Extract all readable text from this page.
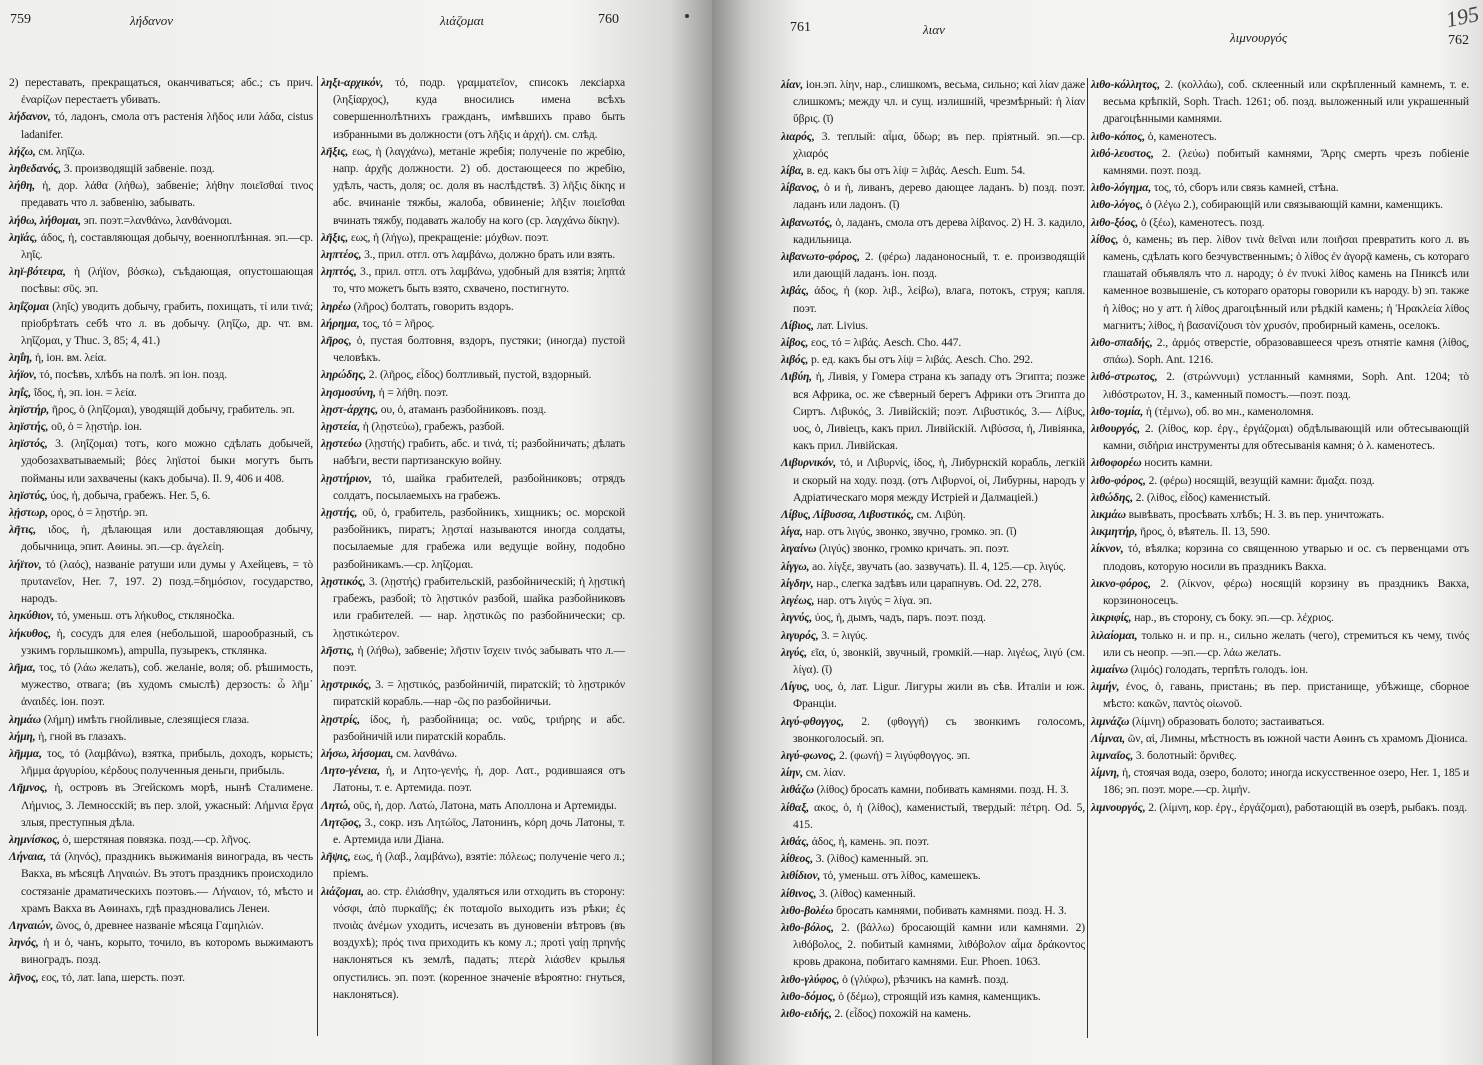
759	λήδανον	λιάζομαι	760
761	λιαν
λιμνουργός	762
195

2) переставать, прекращаться, оканчиваться; абс.; съ прич. ἐναρίζων перестаетъ убивать.

λήδανον, τό, ладонъ, смола отъ растенія λῆδος или λάδα, cistus ladanifer.

λήζω, см. ληΐζω.

ληθεδανός, 3. производящій забвеніе. позд.

λήθη, ἡ, дор. λάθα (λήθω), забвеніе; λήθην ποιεῖσθαί τινος предавать что л. забвенію, забывать.

λήθω, λήθομαι, эп. поэт.=λανθάνω, λανθάνομαι.

ληϊάς, άδος, ἡ, составляющая добычу, военноплѣнная. эп.—ср. ληΐς.

ληϊ-βότειρα, ἡ (λήϊον, βόσκω), съѣдающая, опустошающая посѣвы: σῦς. эп.

ληΐζομαι (ληΐς) уводить добычу, грабить, похищать, τί или τινά; пріобрѣтать себѣ что л. въ добычу. (ληΐζω, др. чт. вм. ληΐζομαι, у Thuc. 3, 85; 4, 41.)

ληΐη, ἡ, іон. вм. λεία.

λήϊον, τό, посѣвъ, хлѣбъ на полѣ. эп іон. позд.

ληΐς, ΐδος, ἡ, эп. іон. = λεία.

ληϊστήρ, ῆρος, ὁ (ληΐζομαι), уводящій добычу, грабитель. эп.

ληϊστής, οῦ, ὁ = λῃστήρ. іон.

ληϊστός, 3. (ληΐζομαι) тотъ, кого можно сдѣлать добычей, удобозахватываемый; βόες ληϊστοί быки могутъ быть пойманы или захвачены (какъ добыча). Il. 9, 406 и 408.

ληϊστύς, ύος, ἡ, добыча, грабежъ. Her. 5, 6.

λῄστωρ, ορος, ὁ = λῃστήρ. эп.

λῆτις, ιδος, ἡ, дѣлающая или доставляющая добычу, добычница, эпит. Аѳины. эп.—ср. ἀγελείη.

λήϊτον, τό (λαός), названіе ратуши или думы у Ахейцевъ, = τὸ πρυτανεῖον, Her. 7, 197. 2) позд.=δημόσιον, государство, народъ.

ληκύθιον, τό, уменьш. отъ λήκυθος, стклянočka.

λήκυθος, ἡ, сосудъ для елея (небольшой, шарообразный, съ узкимъ горлышкомъ), ampulla, пузырекъ, стклянка.

λῆμα, τος, τό (λάω желать), соб. желаніе, воля; об. рѣшимость, мужество, отвага; (въ худомъ смыслѣ) дерзость: ὦ λῆμ᾽ ἀναιδές. іон. поэт.

λημάω (λήμη) имѣть гнойливые, слезящіеся глаза.

λήμη, ἡ, гной въ глазахъ.

λῆμμα, τος, τό (λαμβάνω), взятка, прибыль, доходъ, корысть; λῆμμα ἀργυρίου, κέρδους полученныя деньги, прибыль.

Λῆμνος, ἡ, островъ въ Эгейскомъ морѣ, нынѣ Сталимене. Λήμνιος, 3. Лемносскій; въ пер. злой, ужасный: Λήμνια ἔργα злыя, преступныя дѣла.

λημνίσκος, ὁ, шерстяная повязка. позд.—ср. λῆνος.

Λήναια, τά (ληνός), праздникъ выжиманія винограда, въ честь Вакха, въ мѣсяцѣ Ληναιών. Въ этотъ праздникъ происходило состязаніе драматическихъ поэтовъ.— Λήναιον, τό, мѣсто и храмъ Вакха въ Аѳинахъ, гдѣ праздновались Ленеи.

Ληναιών, ῶνος, ὁ, древнее названіе мѣсяца Γαμηλιών.

ληνός, ἡ и ὁ, чанъ, корыто, точило, въ которомъ выжимаютъ виноградъ. позд.

λῆνος, εος, τό, лат. lana, шерсть. поэт.

ληξι-αρχικόν, τό, подр. γραμματεῖον, списокъ лексіарха (ληξίαρχος), куда вносились имена всѣхъ совершеннолѣтнихъ гражданъ, имѣвшихъ право быть избранными въ должности (отъ λῆξις и ἀρχή). см. слѣд.

λῆξις, εως, ἡ (λαγχάνω), метаніе жребія; полученіе по жребію, напр. ἀρχῆς должности. 2) об. достающееся по жребію, удѣлъ, часть, доля; ос. доля въ наслѣдствѣ. 3) λῆξις δίκης и абс. вчинаніе тяжбы, жалоба, обвиненіе; λῆξιν ποιεῖσθαι вчинать тяжбу, подавать жалобу на кого (ср. λαγχάνω δίκην).

λῆξις, εως, ἡ (λήγω), прекращеніе: μόχθων. поэт.

ληπτέος, 3., прил. отгл. отъ λαμβάνω, должно брать или взять.

ληπτός, 3., прил. отгл. отъ λαμβάνω, удобный для взятія; ληπτά то, что можетъ быть взято, схвачено, постигнуто.

ληρέω (λῆρος) болтать, говорить вздоръ.

λήρημα, τος, τό = λῆρος.

λῆρος, ὁ, пустая болтовня, вздоръ, пустяки; (иногда) пустой человѣкъ.

ληρώδης, 2. (λῆρος, εἶδος) болтливый, пустой, вздорный.

λησμοσύνη, ἡ = λήθη. поэт.

λῃστ-άρχης, ου, ὁ, атаманъ разбойниковъ. позд.

λῃστεία, ἡ (λῃστεύω), грабежъ, разбой.

λῃστεύω (λῃστής) грабить, абс. и τινά, τί; разбойничать; дѣлать набѣги, вести партизанскую войну.

λῃστήριον, τό, шайка грабителей, разбойниковъ; отрядъ солдатъ, посылаемыхъ на грабежъ.

λῃστής, οῦ, ὁ, грабитель, разбойникъ, хищникъ; ос. морской разбойникъ, пиратъ; λῃσταί называются иногда солдаты, посылаемые для грабежа или ведущіе войну, подобно разбойникамъ.—ср. ληΐζομαι.

λῃστικός, 3. (λῃστής) грабительскій, разбойническій; ἡ λῃστική грабежъ, разбой; τὸ λῃστικόν разбой, шайка разбойниковъ или грабителей. — нар. λῃστικῶς по разбойнически; ср. λῃστικώτερον.

λῆστις, ἡ (λήθω), забвеніе; λῆστιν ἴσχειν τινός забывать что л.—поэт.

λῃστρικός, 3. = λῃστικός, разбойничій, пиратскій; τὸ λῃστρικόν пиратскій корабль.—нар -ῶς по разбойничьи.

λῃστρίς, ίδος, ἡ, разбойница; ос. ναῦς, τριήρης и абс. разбойничій или пиратскій корабль.

λήσω, λήσομαι, см. λανθάνω.

Λητο-γένεια, ἡ, и Λητο-γενής, ἡ, дор. Λατ., родившаяся отъ Латоны, т. е. Артемида. поэт.

Λητώ, οῦς, ἡ, дор. Λατώ, Латона, мать Аполлона и Артемиды.

Λητῷος, 3., сокр. изъ Λητώϊος, Латонинъ, κόρη дочь Латоны, т. е. Артемида или Діана.

λῆψις, εως, ἡ (λαβ., λαμβάνω), взятіе: πόλεως; полученіе чего л.; пріемъ.

λιάζομαι, ао. стр. ἐλιάσθην, удаляться или отходить въ сторону: νόσφι, ἀπὸ πυρκαϊῆς; ἐκ ποταμοῖο выходить изъ рѣки; ἐς πνοιὰς ἀνέμων уходить, исчезать въ дуновеніи вѣтровъ (въ воздухѣ); πρός τινα приходить къ кому л.; προτὶ γαίῃ πρηνής наклоняться къ землѣ, падать; πτερὰ λιάσθεν крылья опустились. эп. поэт. (коренное значеніе вѣроятно: гнуться, наклоняться).

λίαν, іон.эп. λίην, нар., слишкомъ, весьма, сильно; καὶ λίαν даже слишкомъ; между чл. и сущ. излишній, чрезмѣрный: ἡ λίαν ὕβρις. (ῑ)

λιαρός, 3. теплый: αἷμα, ὕδωρ; въ пер. пріятный. эп.—ср. χλιαρός

λίβα, в. ед. какъ бы отъ λίψ = λιβάς. Aesch. Eum. 54.

λίβανος, ὁ и ἡ, ливанъ, дерево дающее ладанъ. b) позд. поэт. ладанъ или ладонъ. (ῐ)

λιβανωτός, ὁ, ладанъ, смола отъ дерева λίβανος. 2) Н. З. кадило, кадильница.

λιβανωτο-φόρος, 2. (φέρω) ладаноносный, т. е. производящій или дающій ладанъ. іон. позд.

λιβάς, άδος, ἡ (кор. λιβ., λείβω), влага, потокъ, струя; капля. поэт.

Λίβιος, лат. Livius.

λίβος, εος, τό = λιβάς. Aesch. Cho. 447.

λιβός, р. ед. какъ бы отъ λίψ = λιβάς. Aesch. Cho. 292.

Λιβύη, ἡ, Ливія, у Гомера страна къ западу отъ Эгипта; позже вся Африка, ос. же сѣверный берегъ Африки отъ Эгипта до Сиртъ. Λιβυκός, 3. Ливійскій; поэт. Λιβυστικός, 3.— Λίβυς, υος, ὁ, Ливіецъ, какъ прил. Ливійскій. Λιβύσσα, ἡ, Ливіянка, какъ прил. Ливійская.

Λιβυρνικόν, τό, и Λιβυρνίς, ίδος, ἡ, Либурнскій корабль, легкій и скорый на ходу. позд. (отъ Λιβυρνοί, οἱ, Либурны, народъ у Адріатическаго моря между Истріей и Далмаціей.)

Λίβυς, Λίβυσσα, Λιβυστικός, см. Λιβύη.

λίγα, нар. отъ λιγύς, звонко, звучно, громко. эп. (ῐ)

λιγαίνω (λιγύς) звонко, громко кричать. эп. поэт.

λίγγω, ао. λίγξε, звучать (ао. зазвучать). Il. 4, 125.—ср. λιγύς.

λίγδην, нар., слегка задѣвъ или царапнувъ. Od. 22, 278.

λιγέως, нар. отъ λιγύς = λίγα. эп.

λιγνύς, ύος, ἡ, дымъ, чадъ, паръ. поэт. позд.

λιγυρός, 3. = λιγύς.

λιγύς, εῖα, ύ, звонкій, звучный, громкій.—нар. λιγέως, λιγύ (см. λίγα). (ῐ)

Λίγυς, υος, ὁ, лат. Ligur. Лигуры жили въ сѣв. Италіи и юж. Франціи.

λιγύ-φθογγος, 2. (φθογγή) съ звонкимъ голосомъ, звонкоголосый. эп.

λιγύ-φωνος, 2. (φωνή) = λιγύφθογγος. эп.

λίην, см. λίαν.

λιθάζω (λίθος) бросать камни, побивать камнями. позд. Н. З.

λίθαξ, ακος, ὁ, ἡ (λίθος), каменистый, твердый: πέτρη. Od. 5, 415.

λιθάς, άδος, ἡ, камень. эп. поэт.

λίθεος, 3. (λίθος) каменный. эп.

λιθίδιον, τό, уменьш. отъ λίθος, камешекъ.

λίθινος, 3. (λίθος) каменный.

λιθο-βολέω бросать камнями, побивать камнями. позд. Н. З.

λιθο-βόλος, 2. (βάλλω) бросающій камни или камнями. 2) λιθόβολος, 2. побитый камнями, λιθόβολον αἷμα δράκοντος кровь дракона, побитаго камнями. Eur. Phoen. 1063.

λιθο-γλύφος, ὁ (γλύφω), рѣзчикъ на камнѣ. позд.

λιθο-δόμος, ὁ (δέμω), строящій изъ камня, каменщикъ.

λιθο-ειδής, 2. (εἶδος) похожій на камень.

λιθο-κόλλητος, 2. (κολλάω), соб. склеенный или скрѣпленный камнемъ, т. е. весьма крѣпкій, Soph. Trach. 1261; об. позд. выложенный или украшенный драгоцѣнными камнями.

λιθο-κόπος, ὁ, каменотесъ.

λιθό-λευστος, 2. (λεύω) побитый камнями, Ἄρης смерть чрезъ побіеніе камнями. поэт. позд.

λιθο-λόγημα, τος, τό, сборъ или связь камней, стѣна.

λιθο-λόγος, ὁ (λέγω 2.), собирающій или связывающій камни, каменщикъ.

λιθο-ξόος, ὁ (ξέω), каменотесъ. позд.

λίθος, ὁ, камень; въ пер. λίθον τινὰ θεῖναι или ποιῆσαι превратить кого л. въ камень, сдѣлать кого безчувственнымъ; ὁ λίθος ἐν ἀγορᾷ камень, съ котораго глашатай объявлялъ что л. народу; ὁ ἐν πνυκὶ λίθος камень на Пниксѣ или каменное возвышеніе, съ котораго ораторы говорили къ народу. b) эп. также ἡ λίθος; но у атт. ἡ λίθος драгоцѣнный или рѣдкій камень; ἡ Ἡρακλεία λίθος магнитъ; λίθος, ἡ βασανίζουσι τὸν χρυσόν, пробирный камень, оселокъ.

λιθο-σπαδής, 2., ἁρμός отверстіе, образовавшееся чрезъ отнятіе камня (λίθος, σπάω). Soph. Ant. 1216.

λιθό-στρωτος, 2. (στρώννυμι) устланный камнями, Soph. Ant. 1204; τὸ λιθόστρωτον, Н. З., каменный помостъ.—поэт. позд.

λιθο-τομία, ἡ (τέμνω), об. во мн., каменоломня.

λιθουργός, 2. (λίθος, кор. ἐργ., ἐργάζομαι) обдѣлывающій или обтесывающій камни, σιδήρια инструменты для обтесыванія камня; ὁ λ. каменотесъ.

λιθοφορέω носить камни.

λιθο-φόρος, 2. (φέρω) носящій, везущій камни: ἅμαξα. позд.

λιθώδης, 2. (λίθος, εἶδος) каменистый.

λικμάω вывѣвать, просѣвать хлѣбъ; Н. З. въ пер. уничтожать.

λικμητήρ, ῆρος, ὁ, вѣятель. Il. 13, 590.

λίκνον, τό, вѣялка; корзина со священною утварью и ос. съ первенцами отъ плодовъ, которую носили въ праздникъ Вакха.

λικνο-φόρος, 2. (λίκνον, φέρω) носящій корзину въ праздникъ Вакха, корзиноносецъ.

λικριφίς, нар., въ сторону, съ боку. эп.—ср. λέχριος.

λιλαίομαι, только н. и пр. н., сильно желать (чего), стремиться къ чему, τινός или съ неопр. —эп.—ср. λάω желать.

λιμαίνω (λιμός) голодать, терпѣть голодъ. іон.

λιμήν, ένος, ὁ, гавань, пристань; въ пер. пристанище, убѣжище, сборное мѣсто: κακῶν, παντὸς οἰωνοῦ.

λιμνάζω (λίμνη) образовать болото; застаиваться.

Λίμναι, ῶν, αἱ, Лимны, мѣстность въ южной части Аѳинъ съ храмомъ Діониса.

λιμναῖος, 3. болотный: ὄρνιθες.

λίμνη, ἡ, стоячая вода, озеро, болото; иногда искусственное озеро, Her. 1, 185 и 186; эп. поэт. море.—ср. λιμήν.

λιμνουργός, 2. (λίμνη, кор. ἐργ., ἐργάζομαι), работающій въ озерѣ, рыбакъ. позд.
